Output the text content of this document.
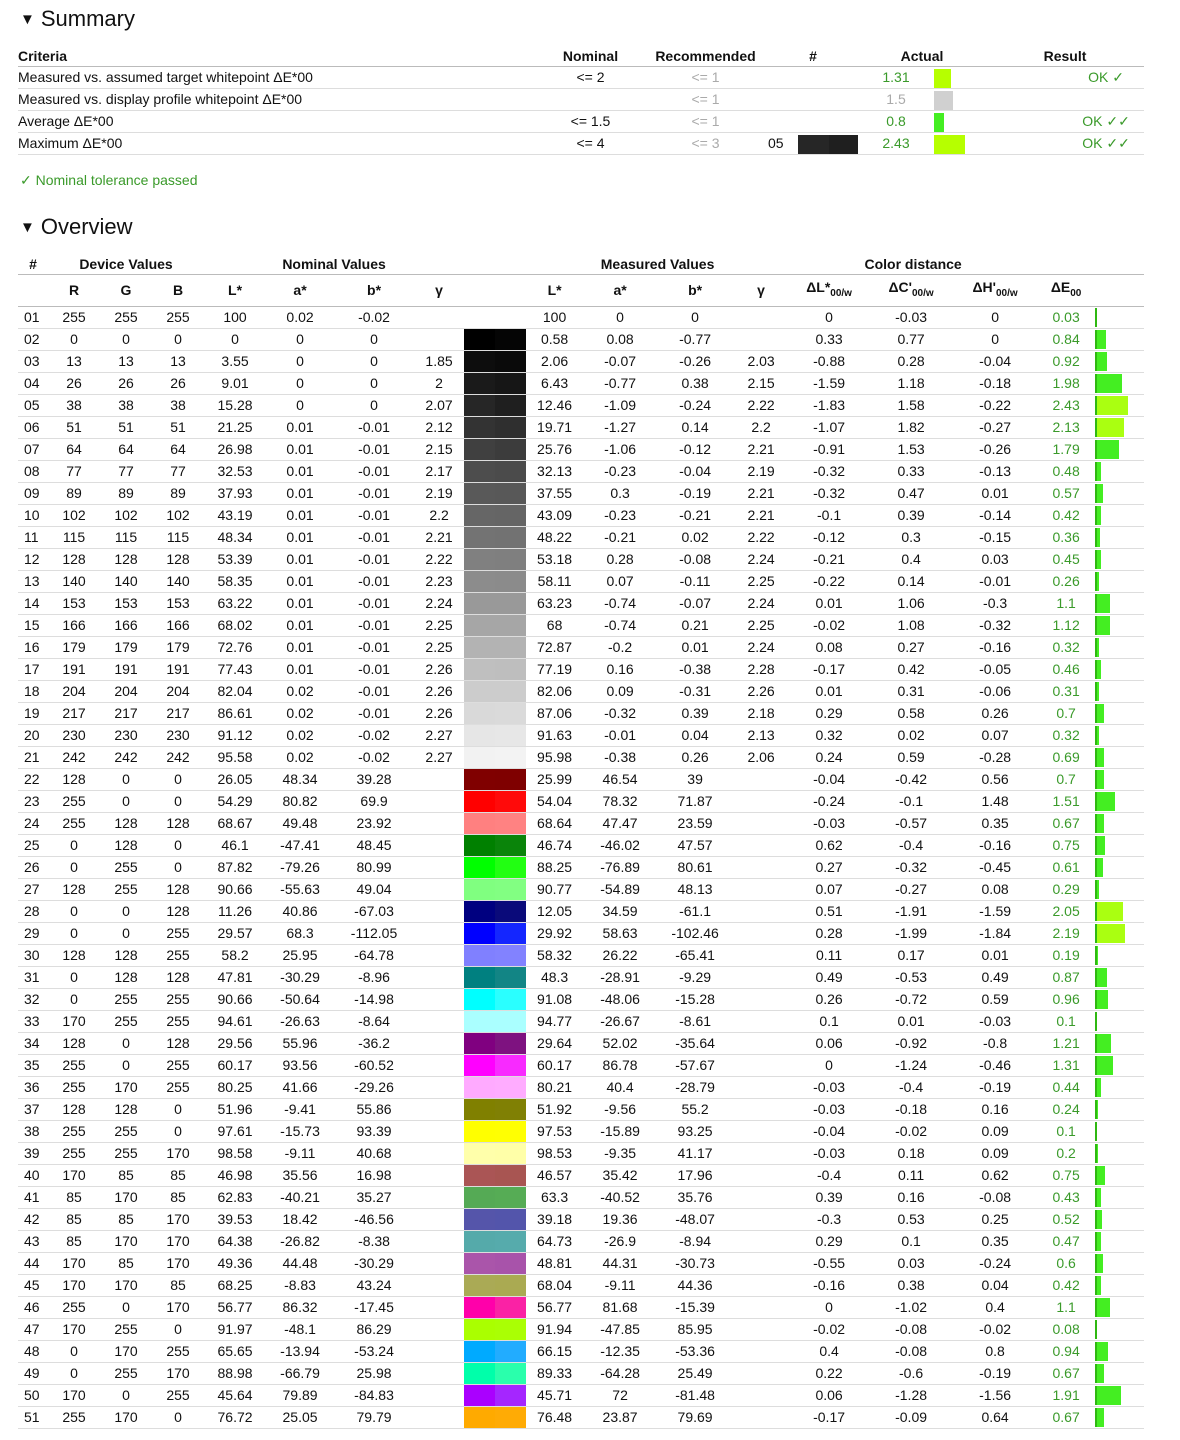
▼ Summary
Criteria	Nominal	Recommended	#	Actual		Result	
Measured vs. assumed target whitepoint ΔE*00	<= 2	<= 1		1.31			OK ✓
Measured vs. display profile whitepoint ΔE*00		<= 1		1.5			
Average ΔE*00	<= 1.5	<= 1		0.8			OK ✓✓
Maximum ΔE*00	<= 4	<= 3	05	2.43			OK ✓✓
✓ Nominal tolerance passed
▼ Overview
#	Device Values			Nominal Values					Measured Values				Color distance				
	R	G	B	L*	a*	b*	γ		L*	a*	b*	γ	$\Delta L*_{00/w}$	$\Delta C'_{00/w}$	$\Delta H'_{00/w}$	$\Delta E_{00}$	
01	255	255	255	100	0.02	-0.02			100	0	0		0	-0.03	0	0.03	

02	0	0	0	0	0	0			0.58	0.08	-0.77		0.33	0.77	0	0.84	

03	13	13	13	3.55	0	0	1.85		2.06	-0.07	-0.26	2.03	-0.88	0.28	-0.04	0.92	

04	26	26	26	9.01	0	0	2		6.43	-0.77	0.38	2.15	-1.59	1.18	-0.18	1.98	

05	38	38	38	15.28	0	0	2.07		12.46	-1.09	-0.24	2.22	-1.83	1.58	-0.22	2.43	

06	51	51	51	21.25	0.01	-0.01	2.12		19.71	-1.27	0.14	2.2	-1.07	1.82	-0.27	2.13	

07	64	64	64	26.98	0.01	-0.01	2.15		25.76	-1.06	-0.12	2.21	-0.91	1.53	-0.26	1.79	

08	77	77	77	32.53	0.01	-0.01	2.17		32.13	-0.23	-0.04	2.19	-0.32	0.33	-0.13	0.48	

09	89	89	89	37.93	0.01	-0.01	2.19		37.55	0.3	-0.19	2.21	-0.32	0.47	0.01	0.57	

10	102	102	102	43.19	0.01	-0.01	2.2		43.09	-0.23	-0.21	2.21	-0.1	0.39	-0.14	0.42	

11	115	115	115	48.34	0.01	-0.01	2.21		48.22	-0.21	0.02	2.22	-0.12	0.3	-0.15	0.36	

12	128	128	128	53.39	0.01	-0.01	2.22		53.18	0.28	-0.08	2.24	-0.21	0.4	0.03	0.45	

13	140	140	140	58.35	0.01	-0.01	2.23		58.11	0.07	-0.11	2.25	-0.22	0.14	-0.01	0.26	

14	153	153	153	63.22	0.01	-0.01	2.24		63.23	-0.74	-0.07	2.24	0.01	1.06	-0.3	1.1	

15	166	166	166	68.02	0.01	-0.01	2.25		68	-0.74	0.21	2.25	-0.02	1.08	-0.32	1.12	

16	179	179	179	72.76	0.01	-0.01	2.25		72.87	-0.2	0.01	2.24	0.08	0.27	-0.16	0.32	

17	191	191	191	77.43	0.01	-0.01	2.26		77.19	0.16	-0.38	2.28	-0.17	0.42	-0.05	0.46	

18	204	204	204	82.04	0.02	-0.01	2.26		82.06	0.09	-0.31	2.26	0.01	0.31	-0.06	0.31	

19	217	217	217	86.61	0.02	-0.01	2.26		87.06	-0.32	0.39	2.18	0.29	0.58	0.26	0.7	

20	230	230	230	91.12	0.02	-0.02	2.27		91.63	-0.01	0.04	2.13	0.32	0.02	0.07	0.32	

21	242	242	242	95.58	0.02	-0.02	2.27		95.98	-0.38	0.26	2.06	0.24	0.59	-0.28	0.69	

22	128	0	0	26.05	48.34	39.28			25.99	46.54	39		-0.04	-0.42	0.56	0.7	

23	255	0	0	54.29	80.82	69.9			54.04	78.32	71.87		-0.24	-0.1	1.48	1.51	

24	255	128	128	68.67	49.48	23.92			68.64	47.47	23.59		-0.03	-0.57	0.35	0.67	

25	0	128	0	46.1	-47.41	48.45			46.74	-46.02	47.57		0.62	-0.4	-0.16	0.75	

26	0	255	0	87.82	-79.26	80.99			88.25	-76.89	80.61		0.27	-0.32	-0.45	0.61	

27	128	255	128	90.66	-55.63	49.04			90.77	-54.89	48.13		0.07	-0.27	0.08	0.29	

28	0	0	128	11.26	40.86	-67.03			12.05	34.59	-61.1		0.51	-1.91	-1.59	2.05	

29	0	0	255	29.57	68.3	-112.05			29.92	58.63	-102.46		0.28	-1.99	-1.84	2.19	

30	128	128	255	58.2	25.95	-64.78			58.32	26.22	-65.41		0.11	0.17	0.01	0.19	

31	0	128	128	47.81	-30.29	-8.96			48.3	-28.91	-9.29		0.49	-0.53	0.49	0.87	

32	0	255	255	90.66	-50.64	-14.98			91.08	-48.06	-15.28		0.26	-0.72	0.59	0.96	

33	170	255	255	94.61	-26.63	-8.64			94.77	-26.67	-8.61		0.1	0.01	-0.03	0.1	

34	128	0	128	29.56	55.96	-36.2			29.64	52.02	-35.64		0.06	-0.92	-0.8	1.21	

35	255	0	255	60.17	93.56	-60.52			60.17	86.78	-57.67		0	-1.24	-0.46	1.31	

36	255	170	255	80.25	41.66	-29.26			80.21	40.4	-28.79		-0.03	-0.4	-0.19	0.44	

37	128	128	0	51.96	-9.41	55.86			51.92	-9.56	55.2		-0.03	-0.18	0.16	0.24	

38	255	255	0	97.61	-15.73	93.39			97.53	-15.89	93.25		-0.04	-0.02	0.09	0.1	

39	255	255	170	98.58	-9.11	40.68			98.53	-9.35	41.17		-0.03	0.18	0.09	0.2	

40	170	85	85	46.98	35.56	16.98			46.57	35.42	17.96		-0.4	0.11	0.62	0.75	

41	85	170	85	62.83	-40.21	35.27			63.3	-40.52	35.76		0.39	0.16	-0.08	0.43	

42	85	85	170	39.53	18.42	-46.56			39.18	19.36	-48.07		-0.3	0.53	0.25	0.52	

43	85	170	170	64.38	-26.82	-8.38			64.73	-26.9	-8.94		0.29	0.1	0.35	0.47	

44	170	85	170	49.36	44.48	-30.29			48.81	44.31	-30.73		-0.55	0.03	-0.24	0.6	

45	170	170	85	68.25	-8.83	43.24			68.04	-9.11	44.36		-0.16	0.38	0.04	0.42	

46	255	0	170	56.77	86.32	-17.45			56.77	81.68	-15.39		0	-1.02	0.4	1.1	

47	170	255	0	91.97	-48.1	86.29			91.94	-47.85	85.95		-0.02	-0.08	-0.02	0.08	

48	0	170	255	65.65	-13.94	-53.24			66.15	-12.35	-53.36		0.4	-0.08	0.8	0.94	

49	0	255	170	88.98	-66.79	25.98			89.33	-64.28	25.49		0.22	-0.6	-0.19	0.67	

50	170	0	255	45.64	79.89	-84.83			45.71	72	-81.48		0.06	-1.28	-1.56	1.91	

51	255	170	0	76.72	25.05	79.79			76.48	23.87	79.69		-0.17	-0.09	0.64	0.67	
